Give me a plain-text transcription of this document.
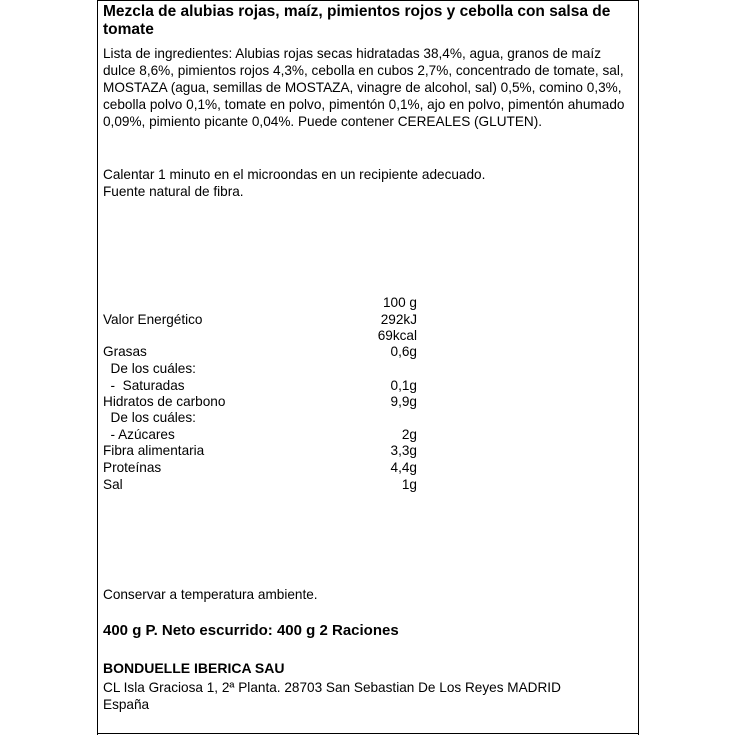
Mezcla de alubias rojas, maíz, pimientos rojos y cebolla con salsa de tomate
Lista de ingredientes: Alubias rojas secas hidratadas 38,4%, agua, granos de maíz dulce 8,6%, pimientos rojos 4,3%, cebolla en cubos 2,7%, concentrado de tomate, sal, MOSTAZA (agua, semillas de MOSTAZA, vinagre de alcohol, sal) 0,5%, comino 0,3%, cebolla polvo 0,1%, tomate en polvo, pimentón 0,1%, ajo en polvo, pimentón ahumado 0,09%, pimiento picante 0,04%. Puede contener CEREALES (GLUTEN).
Calentar 1 minuto en el microondas en un recipiente adecuado.
Fuente natural de fibra.
100 g
Valor Energético	292kJ
69kcal
Grasas	0,6g
De los cuáles:
-  Saturadas	0,1g
Hidratos de carbono	9,9g
De los cuáles:
- Azúcares	2g
Fibra alimentaria	3,3g
Proteínas	4,4g
Sal	1g
Conservar a temperatura ambiente.
400 g P. Neto escurrido: 400 g 2 Raciones
BONDUELLE IBERICA SAU
CL Isla Graciosa 1, 2ª Planta. 28703 San Sebastian De Los Reyes MADRID
España
